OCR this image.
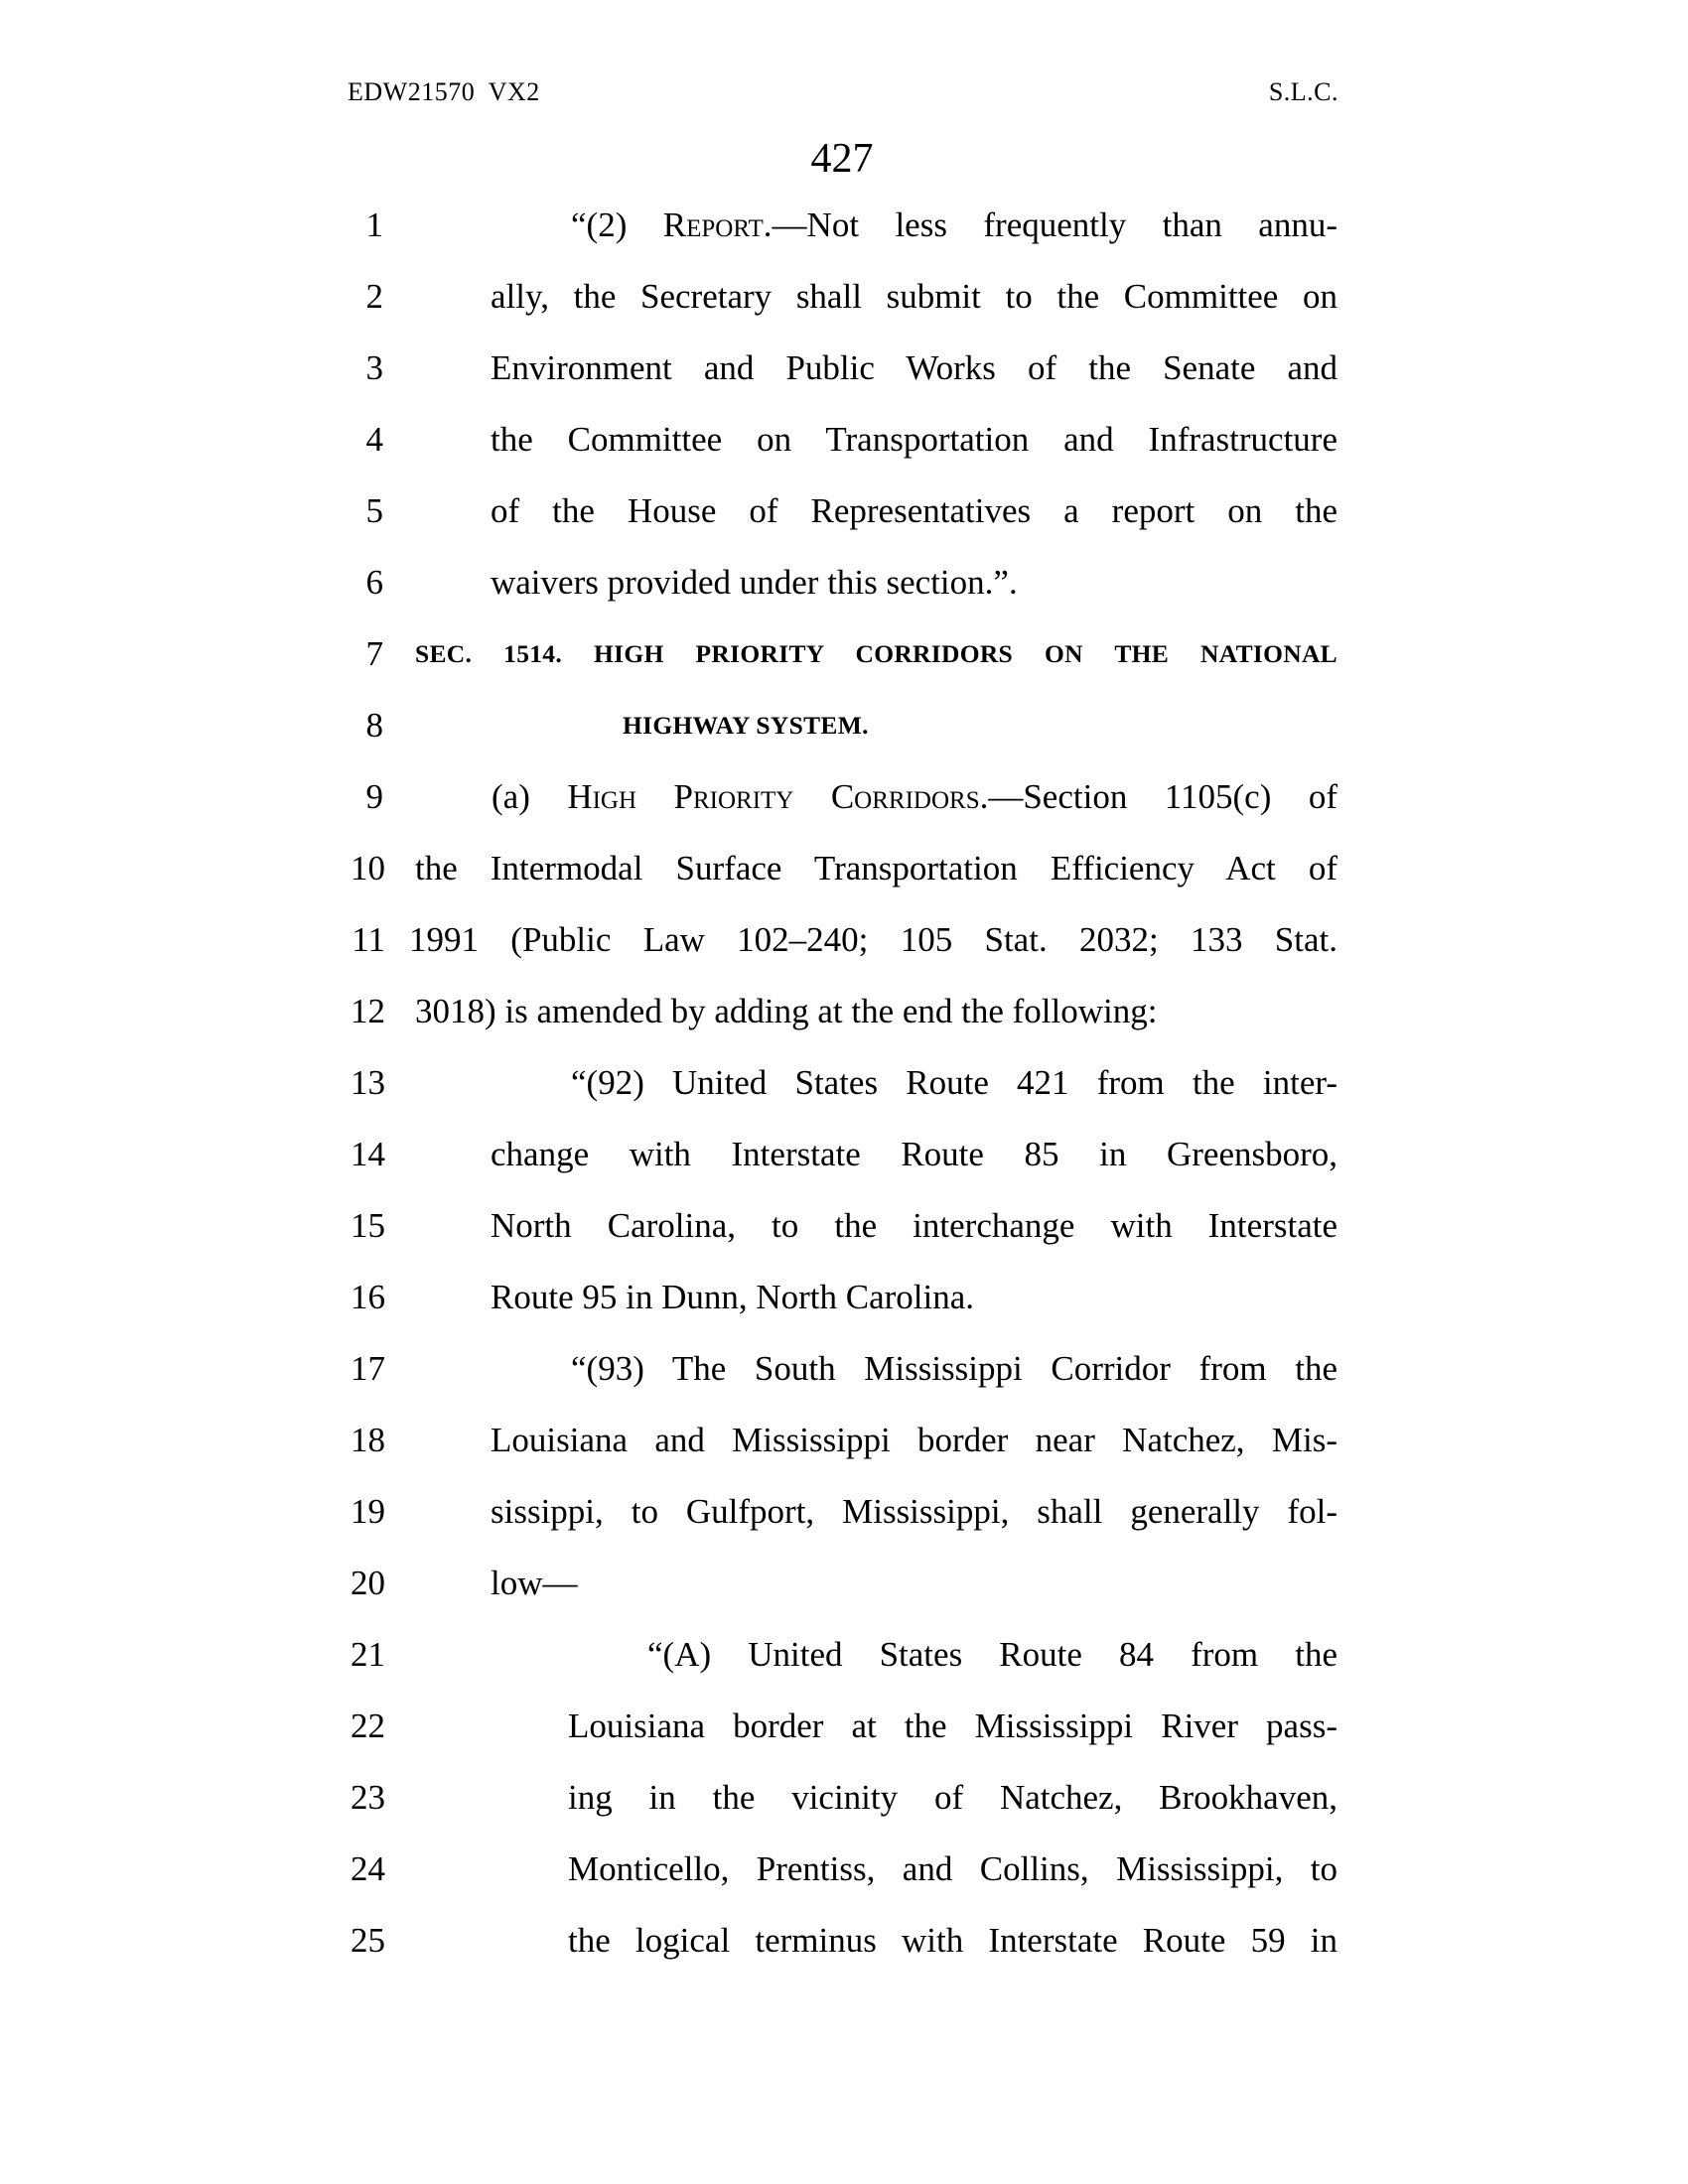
EDW21570  VX2	S.L.C.
427
1	“(2) Report.—Not less frequently than annu-
2	ally, the Secretary shall submit to the Committee on
3	Environment and Public Works of the Senate and
4	the Committee on Transportation and Infrastructure
5	of the House of Representatives a report on the
6	waivers provided under this section.”.
7 SEC. 1514. HIGH PRIORITY CORRIDORS ON THE NATIONAL
8	HIGHWAY SYSTEM.
9	(a) High Priority Corridors.—Section 1105(c) of
10 the Intermodal Surface Transportation Efficiency Act of
11 1991 (Public Law 102–240; 105 Stat. 2032; 133 Stat.
12 3018) is amended by adding at the end the following:
13	“(92) United States Route 421 from the inter-
14	change with Interstate Route 85 in Greensboro,
15	North Carolina, to the interchange with Interstate
16	Route 95 in Dunn, North Carolina.
17	“(93) The South Mississippi Corridor from the
18	Louisiana and Mississippi border near Natchez, Mis-
19	sissippi, to Gulfport, Mississippi, shall generally fol-
20	low—
21	“(A) United States Route 84 from the
22	Louisiana border at the Mississippi River pass-
23	ing in the vicinity of Natchez, Brookhaven,
24	Monticello, Prentiss, and Collins, Mississippi, to
25	the logical terminus with Interstate Route 59 in
